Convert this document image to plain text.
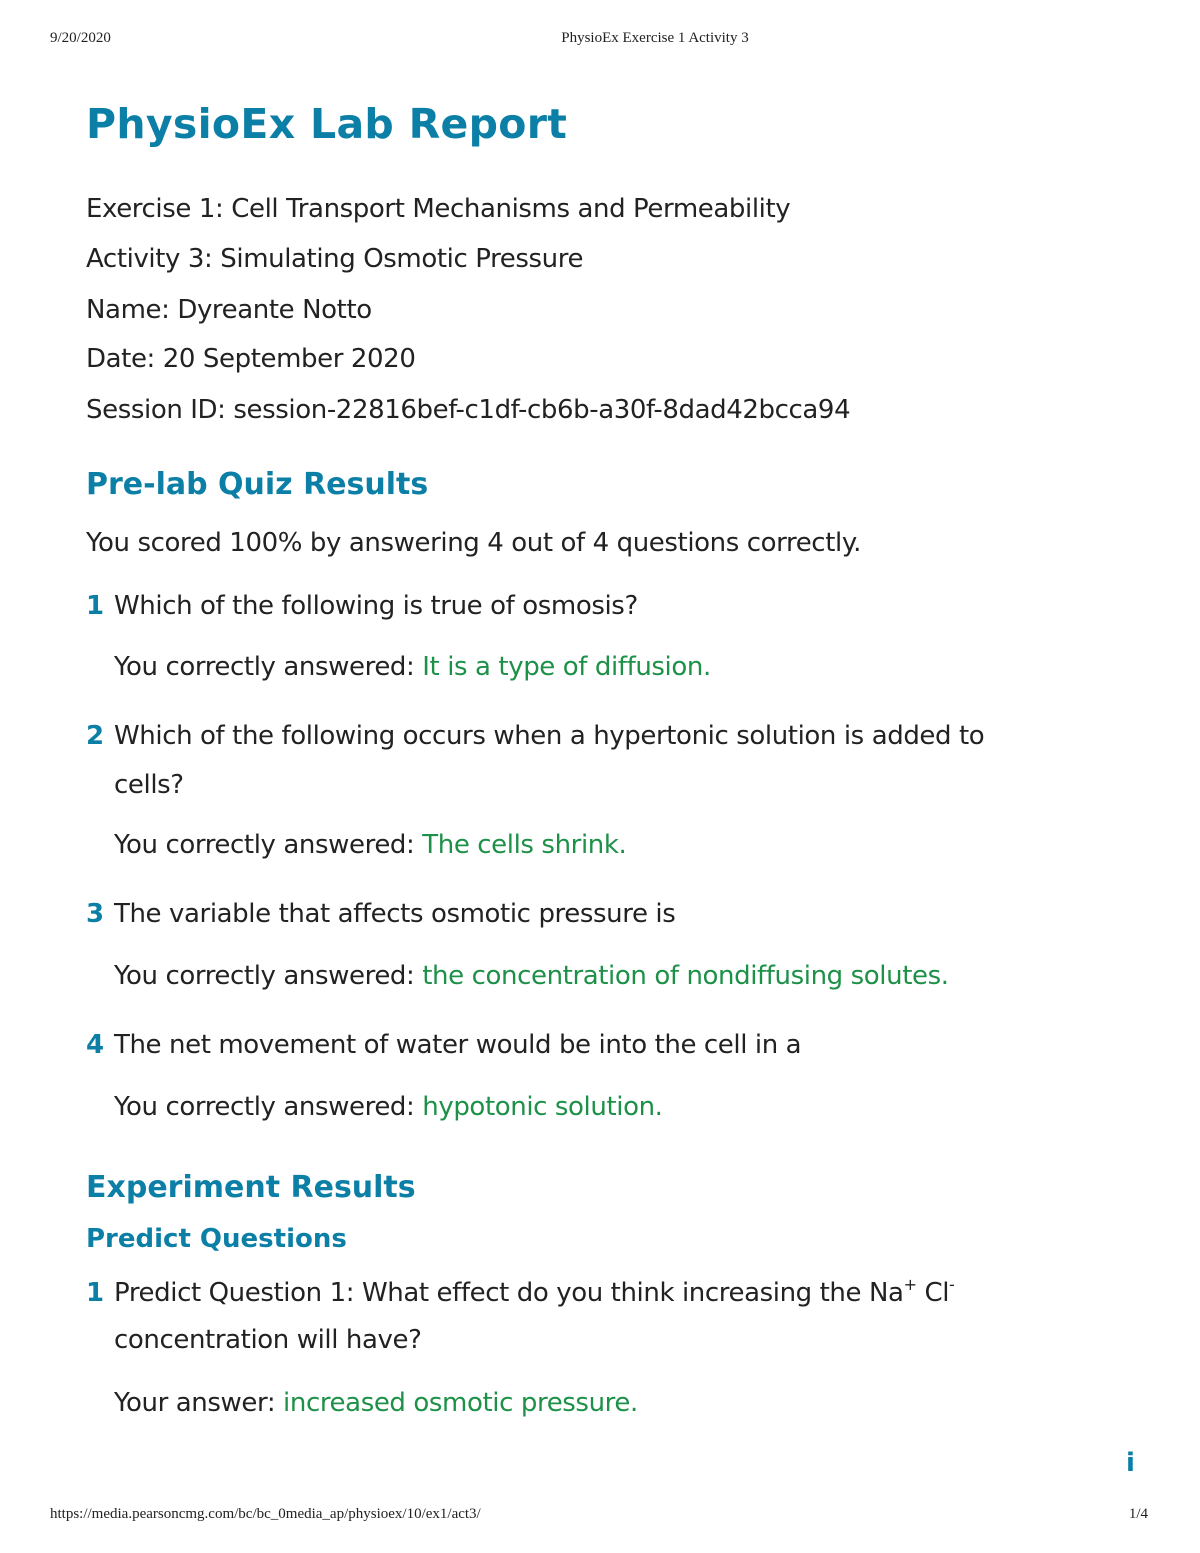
9/20/2020	PhysioEx Exercise 1 Activity 3
PhysioEx Lab Report
Exercise 1: Cell Transport Mechanisms and Permeability
Activity 3: Simulating Osmotic Pressure
Name: Dyreante Notto
Date: 20 September 2020
Session ID: session-22816bef-c1df-cb6b-a30f-8dad42bcca94
Pre-lab Quiz Results
You scored 100% by answering 4 out of 4 questions correctly.
1 Which of the following is true of osmosis?
You correctly answered: It is a type of diffusion.
2 Which of the following occurs when a hypertonic solution is added to
cells?
You correctly answered: The cells shrink.
3 The variable that affects osmotic pressure is
You correctly answered: the concentration of nondiffusing solutes.
4 The net movement of water would be into the cell in a
You correctly answered: hypotonic solution.
Experiment Results
Predict Questions
1 Predict Question 1: What effect do you think increasing the Na+ Cl-
concentration will have?
Your answer: increased osmotic pressure.
i
https://media.pearsoncmg.com/bc/bc_0media_ap/physioex/10/ex1/act3/	1/4
